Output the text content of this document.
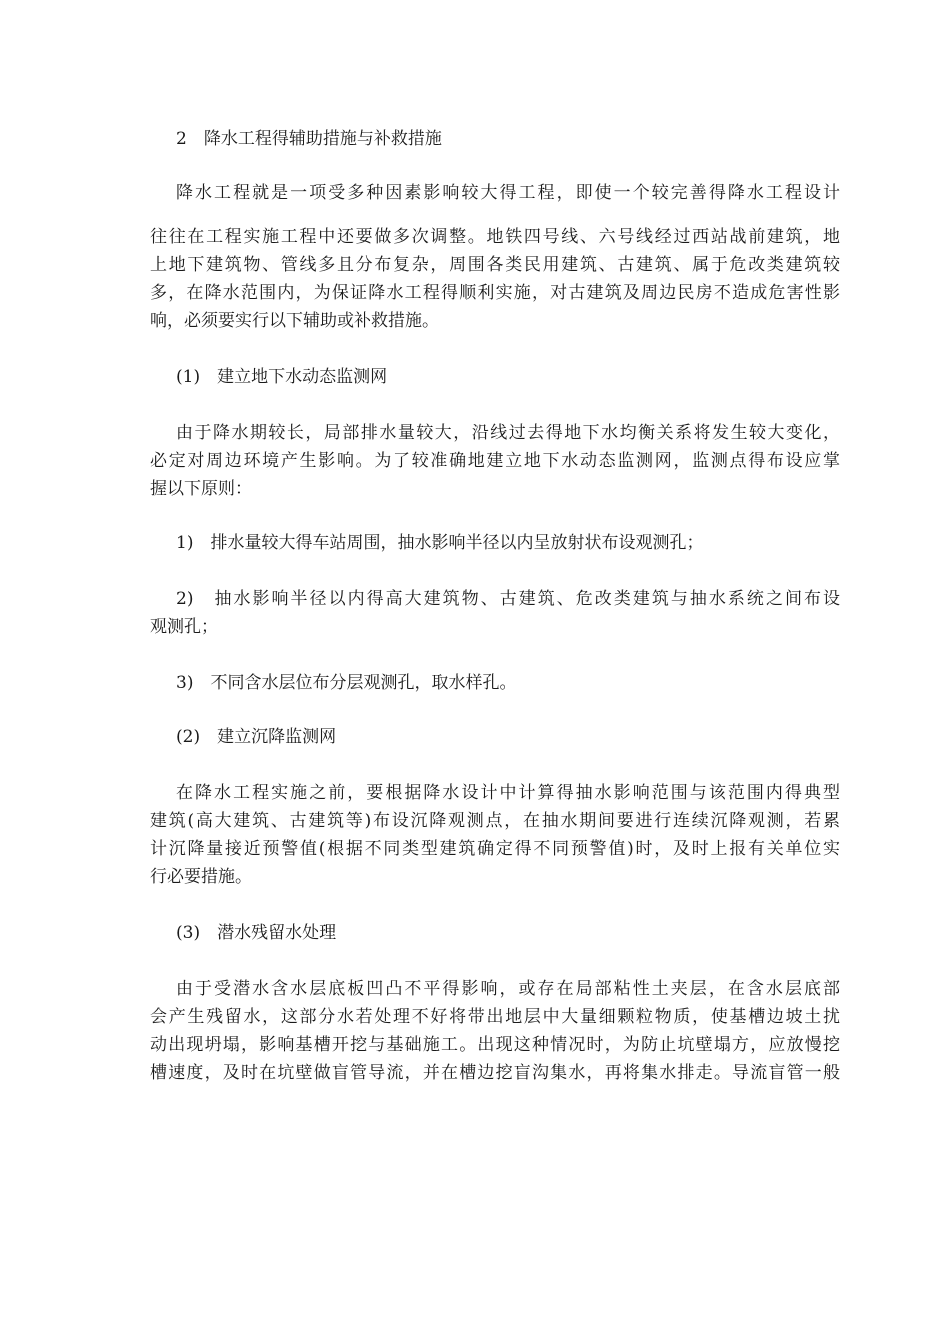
2　降水工程得辅助措施与补救措施
降水工程就是一项受多种因素影响较大得工程，即使一个较完善得降水工程设计
往往在工程实施工程中还要做多次调整。地铁四号线、六号线经过西站战前建筑，地
上地下建筑物、管线多且分布复杂，周围各类民用建筑、古建筑、属于危改类建筑较
多，在降水范围内，为保证降水工程得顺利实施，对古建筑及周边民房不造成危害性影
响，必须要实行以下辅助或补救措施。
(1)　建立地下水动态监测网
由于降水期较长，局部排水量较大，沿线过去得地下水均衡关系将发生较大变化，
必定对周边环境产生影响。为了较准确地建立地下水动态监测网，监测点得布设应掌
握以下原则：
1)　排水量较大得车站周围，抽水影响半径以内呈放射状布设观测孔；
2)　抽水影响半径以内得高大建筑物、古建筑、危改类建筑与抽水系统之间布设
观测孔；
3)　不同含水层位布分层观测孔，取水样孔。
(2)　建立沉降监测网
在降水工程实施之前，要根据降水设计中计算得抽水影响范围与该范围内得典型
建筑(高大建筑、古建筑等)布设沉降观测点，在抽水期间要进行连续沉降观测，若累
计沉降量接近预警值(根据不同类型建筑确定得不同预警值)时，及时上报有关单位实
行必要措施。
(3)　潜水残留水处理
由于受潜水含水层底板凹凸不平得影响，或存在局部粘性土夹层，在含水层底部
会产生残留水，这部分水若处理不好将带出地层中大量细颗粒物质，使基槽边坡土扰
动出现坍塌，影响基槽开挖与基础施工。出现这种情况时，为防止坑壁塌方，应放慢挖
槽速度，及时在坑壁做盲管导流，并在槽边挖盲沟集水，再将集水排走。导流盲管一般
